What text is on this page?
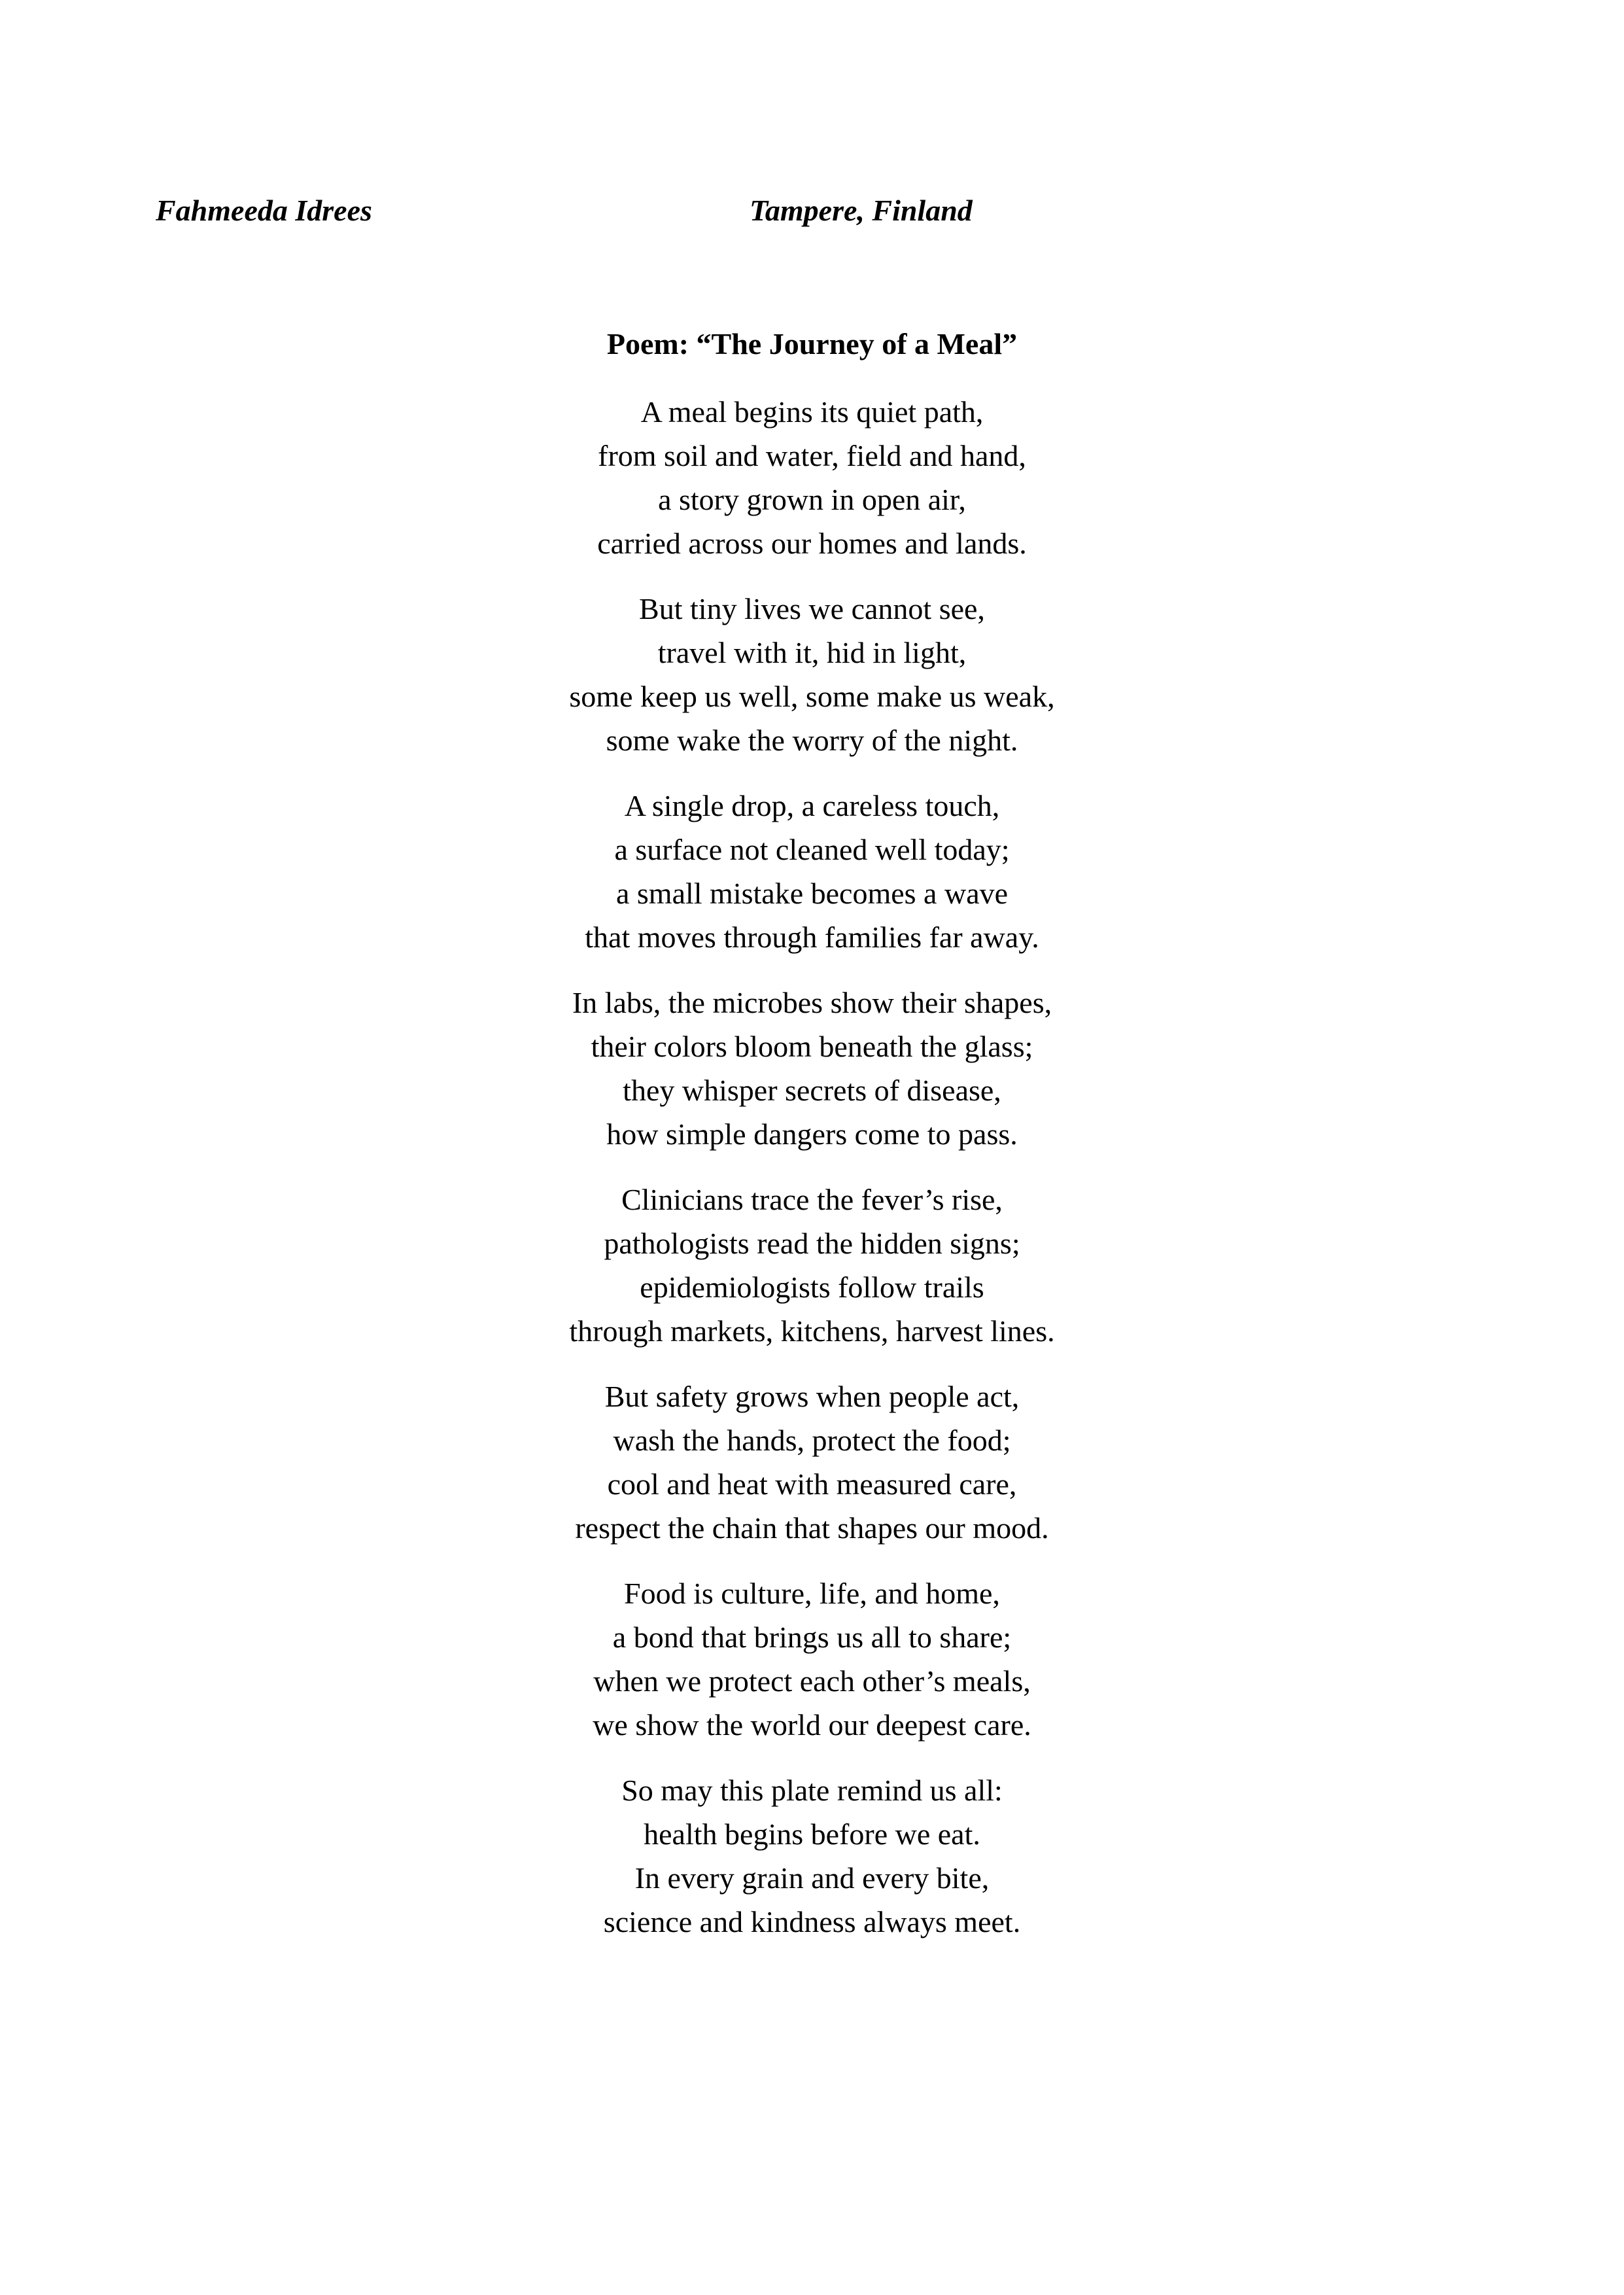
Fahmeeda Idrees	Tampere, Finland
Poem: “The Journey of a Meal”
A meal begins its quiet path,
from soil and water, field and hand,
a story grown in open air,
carried across our homes and lands.
But tiny lives we cannot see,
travel with it, hid in light,
some keep us well, some make us weak,
some wake the worry of the night.
A single drop, a careless touch,
a surface not cleaned well today;
a small mistake becomes a wave
that moves through families far away.
In labs, the microbes show their shapes,
their colors bloom beneath the glass;
they whisper secrets of disease,
how simple dangers come to pass.
Clinicians trace the fever’s rise,
pathologists read the hidden signs;
epidemiologists follow trails
through markets, kitchens, harvest lines.
But safety grows when people act,
wash the hands, protect the food;
cool and heat with measured care,
respect the chain that shapes our mood.
Food is culture, life, and home,
a bond that brings us all to share;
when we protect each other’s meals,
we show the world our deepest care.
So may this plate remind us all:
health begins before we eat.
In every grain and every bite,
science and kindness always meet.
